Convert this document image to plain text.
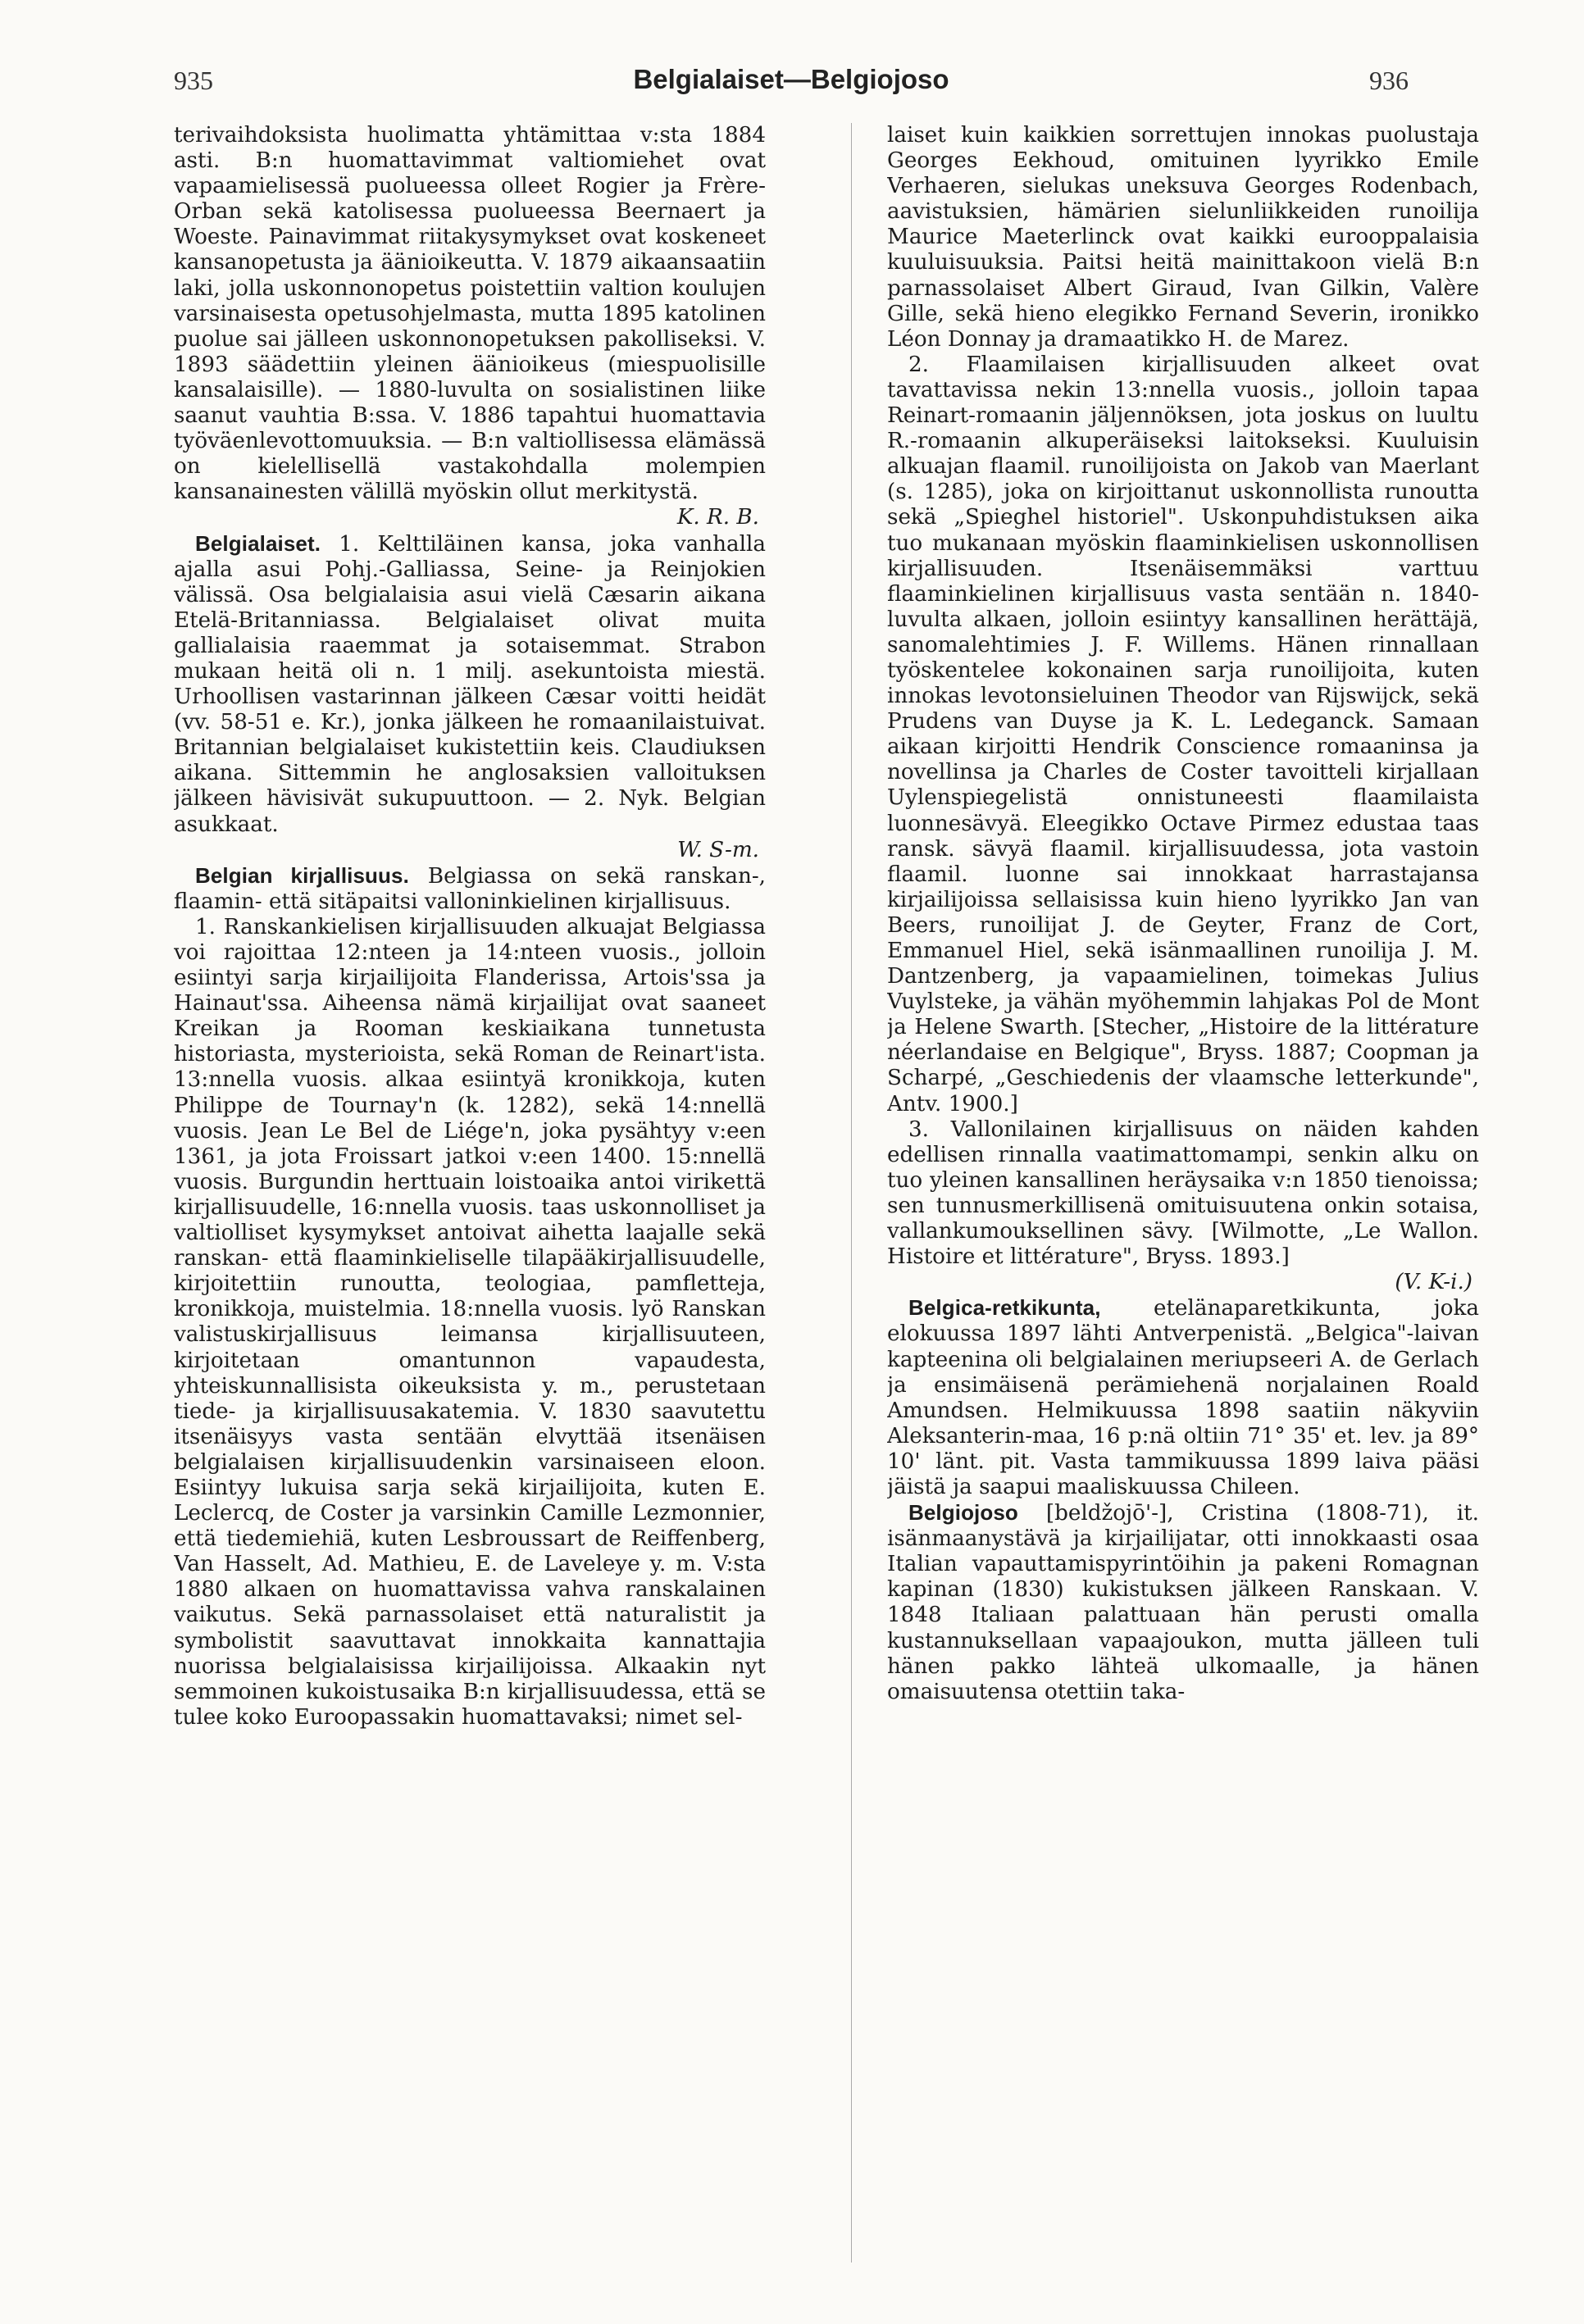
935	Belgialaiset—Belgiojoso	936

terivaihdoksista huolimatta yhtämittaa v:sta 1884 asti. B:n huomattavimmat valtiomiehet ovat vapaamielisessä puolueessa olleet Rogier ja Frère-Orban sekä katolisessa puolueessa Beernaert ja Woeste. Painavimmat riitakysymykset ovat koskeneet kansanopetusta ja äänioikeutta. V. 1879 aikaansaatiin laki, jolla uskonnonopetus poistettiin valtion koulujen varsinaisesta opetusohjelmasta, mutta 1895 katolinen puolue sai jälleen uskonnonopetuksen pakolliseksi. V. 1893 säädettiin yleinen äänioikeus (miespuolisille kansalaisille). — 1880-luvulta on sosialistinen liike saanut vauhtia B:ssa. V. 1886 tapahtui huomattavia työväenlevottomuuksia. — B:n valtiollisessa elämässä on kielellisellä vastakohdalla molempien kansanainesten välillä myöskin ollut merkitystä.

K. R. B.

Belgialaiset. 1. Kelttiläinen kansa, joka vanhalla ajalla asui Pohj.-Galliassa, Seine- ja Reinjokien välissä. Osa belgialaisia asui vielä Cæsarin aikana Etelä-Britanniassa. Belgialaiset olivat muita gallialaisia raaemmat ja sotaisemmat. Strabon mukaan heitä oli n. 1 milj. asekuntoista miestä. Urhoollisen vastarinnan jälkeen Cæsar voitti heidät (vv. 58-51 e. Kr.), jonka jälkeen he romaanilaistuivat. Britannian belgialaiset kukistettiin keis. Claudiuksen aikana. Sittemmin he anglosaksien valloituksen jälkeen hävisivät sukupuuttoon. — 2. Nyk. Belgian asukkaat.

W. S-m.

Belgian kirjallisuus. Belgiassa on sekä ranskan-, flaamin- että sitäpaitsi valloninkielinen kirjallisuus.

1. Ranskankielisen kirjallisuuden alkuajat Belgiassa voi rajoittaa 12:nteen ja 14:nteen vuosis., jolloin esiintyi sarja kirjailijoita Flanderissa, Artois'ssa ja Hainaut'ssa. Aiheensa nämä kirjailijat ovat saaneet Kreikan ja Rooman keskiaikana tunnetusta historiasta, mysterioista, sekä Roman de Reinart'ista. 13:nnella vuosis. alkaa esiintyä kronikkoja, kuten Philippe de Tournay'n (k. 1282), sekä 14:nnellä vuosis. Jean Le Bel de Liége'n, joka pysähtyy v:een 1361, ja jota Froissart jatkoi v:een 1400. 15:nnellä vuosis. Burgundin herttuain loistoaika antoi virikettä kirjallisuudelle, 16:nnella vuosis. taas uskonnolliset ja valtiolliset kysymykset antoivat aihetta laajalle sekä ranskan- että flaaminkieliselle tilapääkirjallisuudelle, kirjoitettiin runoutta, teologiaa, pamfletteja, kronikkoja, muistelmia. 18:nnella vuosis. lyö Ranskan valistuskirjallisuus leimansa kirjallisuuteen, kirjoitetaan omantunnon vapaudesta, yhteiskunnallisista oikeuksista y. m., perustetaan tiede- ja kirjallisuusakatemia. V. 1830 saavutettu itsenäisyys vasta sentään elvyttää itsenäisen belgialaisen kirjallisuudenkin varsinaiseen eloon. Esiintyy lukuisa sarja sekä kirjailijoita, kuten E. Leclercq, de Coster ja varsinkin Camille Lezmonnier, että tiedemiehiä, kuten Lesbroussart de Reiffenberg, Van Hasselt, Ad. Mathieu, E. de Laveleye y. m. V:sta 1880 alkaen on huomattavissa vahva ranskalainen vaikutus. Sekä parnassolaiset että naturalistit ja symbolistit saavuttavat innokkaita kannattajia nuorissa belgialaisissa kirjailijoissa. Alkaakin nyt semmoinen kukoistusaika B:n kirjallisuudessa, että se tulee koko Euroopassakin huomattavaksi; nimet sel-

laiset kuin kaikkien sorrettujen innokas puolustaja Georges Eekhoud, omituinen lyyrikko Emile Verhaeren, sielukas uneksuva Georges Rodenbach, aavistuksien, hämärien sielunliikkeiden runoilija Maurice Maeterlinck ovat kaikki eurooppalaisia kuuluisuuksia. Paitsi heitä mainittakoon vielä B:n parnassolaiset Albert Giraud, Ivan Gilkin, Valère Gille, sekä hieno elegikko Fernand Severin, ironikko Léon Donnay ja dramaatikko H. de Marez.

2. Flaamilaisen kirjallisuuden alkeet ovat tavattavissa nekin 13:nnella vuosis., jolloin tapaa Reinart-romaanin jäljennöksen, jota joskus on luultu R.-romaanin alkuperäiseksi laitokseksi. Kuuluisin alkuajan flaamil. runoilijoista on Jakob van Maerlant (s. 1285), joka on kirjoittanut uskonnollista runoutta sekä „Spieghel historiel". Uskonpuhdistuksen aika tuo mukanaan myöskin flaaminkielisen uskonnollisen kirjallisuuden. Itsenäisemmäksi varttuu flaaminkielinen kirjallisuus vasta sentään n. 1840-luvulta alkaen, jolloin esiintyy kansallinen herättäjä, sanomalehtimies J. F. Willems. Hänen rinnallaan työskentelee kokonainen sarja runoilijoita, kuten innokas levotonsieluinen Theodor van Rijswijck, sekä Prudens van Duyse ja K. L. Ledeganck. Samaan aikaan kirjoitti Hendrik Conscience romaaninsa ja novellinsa ja Charles de Coster tavoitteli kirjallaan Uylenspiegelistä onnistuneesti flaamilaista luonnesävyä. Eleegikko Octave Pirmez edustaa taas ransk. sävyä flaamil. kirjallisuudessa, jota vastoin flaamil. luonne sai innokkaat harrastajansa kirjailijoissa sellaisissa kuin hieno lyyrikko Jan van Beers, runoilijat J. de Geyter, Franz de Cort, Emmanuel Hiel, sekä isänmaallinen runoilija J. M. Dantzenberg, ja vapaamielinen, toimekas Julius Vuylsteke, ja vähän myöhemmin lahjakas Pol de Mont ja Helene Swarth. [Stecher, „Histoire de la littérature néerlandaise en Belgique", Bryss. 1887; Coopman ja Scharpé, „Geschiedenis der vlaamsche letterkunde", Antv. 1900.]

3. Vallonilainen kirjallisuus on näiden kahden edellisen rinnalla vaatimattomampi, senkin alku on tuo yleinen kansallinen heräysaika v:n 1850 tienoissa; sen tunnusmerkillisenä omituisuutena onkin sotaisa, vallankumouksellinen sävy. [Wilmotte, „Le Wallon. Histoire et littérature", Bryss. 1893.]

(V. K-i.)

Belgica-retkikunta, etelänaparetkikunta, joka elokuussa 1897 lähti Antverpenistä. „Belgica"-laivan kapteenina oli belgialainen meriupseeri A. de Gerlach ja ensimäisenä perämiehenä norjalainen Roald Amundsen. Helmikuussa 1898 saatiin näkyviin Aleksanterin-maa, 16 p:nä oltiin 71° 35' et. lev. ja 89° 10' länt. pit. Vasta tammikuussa 1899 laiva pääsi jäistä ja saapui maaliskuussa Chileen.

Belgiojoso [beldžojō'-], Cristina (1808-71), it. isänmaanystävä ja kirjailijatar, otti innokkaasti osaa Italian vapauttamispyrintöihin ja pakeni Romagnan kapinan (1830) kukistuksen jälkeen Ranskaan. V. 1848 Italiaan palattuaan hän perusti omalla kustannuksellaan vapaajoukon, mutta jälleen tuli hänen pakko lähteä ulkomaalle, ja hänen omaisuutensa otettiin taka-
